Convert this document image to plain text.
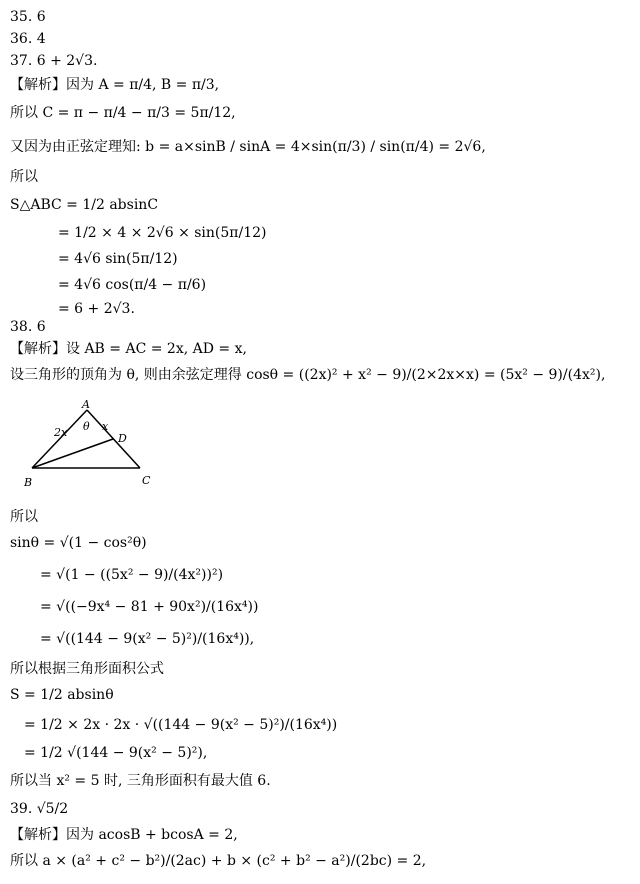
35. 6
36. 4
37. 6 + 2√3.
【解析】因为 A = π/4, B = π/3,
所以 C = π − π/4 − π/3 = 5π/12,
又因为由正弦定理知: b = a×sinB / sinA = 4×sin(π/3) / sin(π/4) = 2√6,
所以
S△ABC = 1/2 absinC
= 1/2 × 4 × 2√6 × sin(5π/12)
= 4√6 sin(5π/12)
= 4√6 cos(π/4 − π/6)
= 6 + 2√3.
38. 6
【解析】设 AB = AC = 2x, AD = x,
设三角形的顶角为 θ, 则由余弦定理得 cosθ = ((2x)² + x² − 9)/(2×2x×x) = (5x² − 9)/(4x²),
A
B	C
D
2x	x
θ
所以
sinθ = √(1 − cos²θ)
= √(1 − ((5x² − 9)/(4x²))²)
= √((−9x⁴ − 81 + 90x²)/(16x⁴))
= √((144 − 9(x² − 5)²)/(16x⁴)),
所以根据三角形面积公式
S = 1/2 absinθ
= 1/2 × 2x · 2x · √((144 − 9(x² − 5)²)/(16x⁴))
= 1/2 √(144 − 9(x² − 5)²),
所以当 x² = 5 时, 三角形面积有最大值 6.
39. √5/2
【解析】因为 acosB + bcosA = 2,
所以 a × (a² + c² − b²)/(2ac) + b × (c² + b² − a²)/(2bc) = 2,
